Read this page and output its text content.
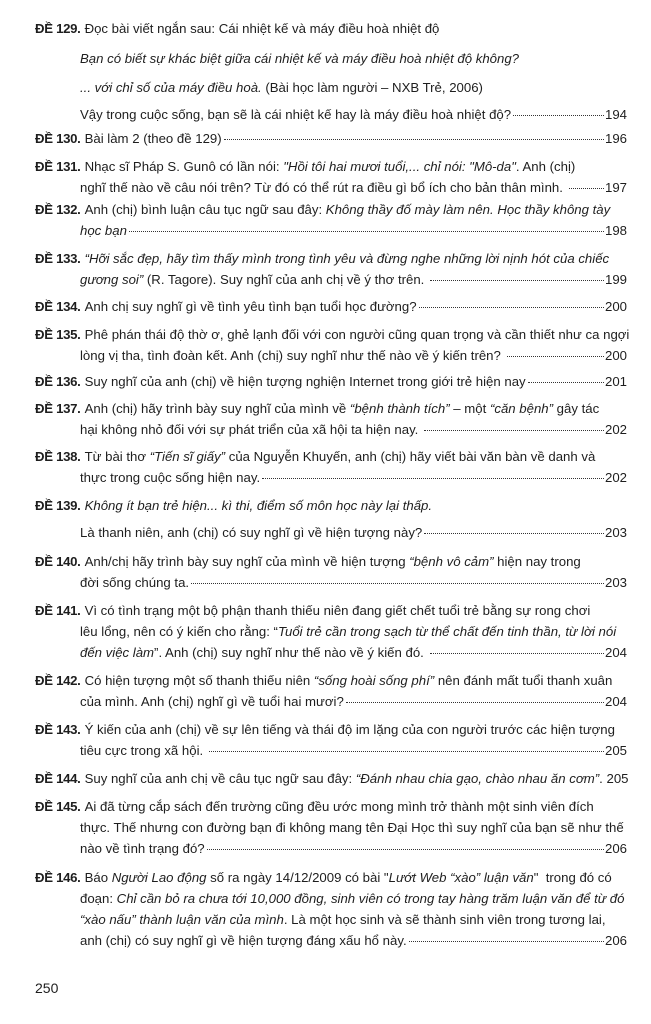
ĐỀ 129. Đọc bài viết ngắn sau: Cái nhiệt kế và máy điều hoà nhiệt độ
Bạn có biết sự khác biệt giữa cái nhiệt kế và máy điều hoà nhiệt độ không?
... với chỉ số của máy điều hoà. (Bài học làm người – NXB Trẻ, 2006)
Vậy trong cuộc sống, bạn sẽ là cái nhiệt kế hay là máy điều hoà nhiệt độ?	194
ĐỀ 130. Bài làm 2 (theo đề 129)	196
ĐỀ 131. Nhạc sĩ Pháp S. Gunô có lần nói: "Hồi tôi hai mươi tuổi,... chỉ nói: "Mô-da" . Anh (chị)
nghĩ thế nào về câu nói trên? Từ đó có thể rút ra điều gì bổ ích cho bản thân mình.	197
ĐỀ 132. Anh (chị) bình luận câu tục ngữ sau đây: Không thầy đố mày làm nên. Học thầy không tày
học bạn	198
ĐỀ 133. “Hỡi sắc đẹp, hãy tìm thấy mình trong tình yêu và đừng nghe những lời nịnh hót của chiếc
gương soi” (R. Tagore). Suy nghĩ của anh chị về ý thơ trên.	199
ĐỀ 134. Anh chị suy nghĩ gì về tình yêu tình bạn tuổi học đường?	200
ĐỀ 135. Phê phán thái độ thờ ơ, ghẻ lạnh đối với con người cũng quan trọng và cần thiết như ca ngợi
lòng vị tha, tình đoàn kết. Anh (chị) suy nghĩ như thế nào về ý kiến trên?	200
ĐỀ 136. Suy nghĩ của anh (chị) về hiện tượng nghiện Internet trong giới trẻ hiện nay	201
ĐỀ 137. Anh (chị) hãy trình bày suy nghĩ của mình về “bệnh thành tích” – một “căn bệnh” gây tác
hại không nhỏ đối với sự phát triển của xã hội ta hiện nay.	202
ĐỀ 138. Từ bài thơ “Tiến sĩ giấy” của Nguyễn Khuyến, anh (chị) hãy viết bài văn bàn về danh và
thực trong cuộc sống hiện nay.	202
ĐỀ 139. Không ít bạn trẻ hiện... kì thi, điểm số môn học này lại thấp.
Là thanh niên, anh (chị) có suy nghĩ gì về hiện tượng này?	203
ĐỀ 140. Anh/chị hãy trình bày suy nghĩ của mình về hiện tượng “bệnh vô cảm” hiện nay trong
đời sống chúng ta.	203
ĐỀ 141. Vì có tình trạng một bộ phận thanh thiếu niên đang giết chết tuổi trẻ bằng sự rong chơi
lêu lổng, nên có ý kiến cho rằng: “ Tuổi trẻ cần trong sạch từ thể chất đến tinh thần, từ lời nói
đến việc làm ”. Anh (chị) suy nghĩ như thế nào về ý kiến đó.	204
ĐỀ 142. Có hiện tượng một số thanh thiếu niên “sống hoài sống phí” nên đánh mất tuổi thanh xuân
của mình. Anh (chị) nghĩ gì về tuổi hai mươi?	204
ĐỀ 143. Ý kiến của anh (chị) về sự lên tiếng và thái độ im lặng của con người trước các hiện tượng
tiêu cực trong xã hội.	205
ĐỀ 144. Suy nghĩ của anh chị về câu tục ngữ sau đây: “Đánh nhau chia gạo, chào nhau ăn cơm” . 205
ĐỀ 145. Ai đã từng cắp sách đến trường cũng đều ước mong mình trở thành một sinh viên đích
thực. Thế nhưng con đường bạn đi không mang tên Đại Học thì suy nghĩ của bạn sẽ như thế
nào về tình trạng đó?	206
ĐỀ 146. Báo Người Lao động số ra ngày 14/12/2009 có bài " Lướt Web “xào” luận văn "  trong đó có
đoạn: Chỉ cần bỏ ra chưa tới 10,000 đồng, sinh viên có trong tay hàng trăm luận văn để từ đó
“xào nấu” thành luận văn của mình . Là một học sinh và sẽ thành sinh viên trong tương lai,
anh (chị) có suy nghĩ gì về hiện tượng đáng xấu hổ này.	206
250
